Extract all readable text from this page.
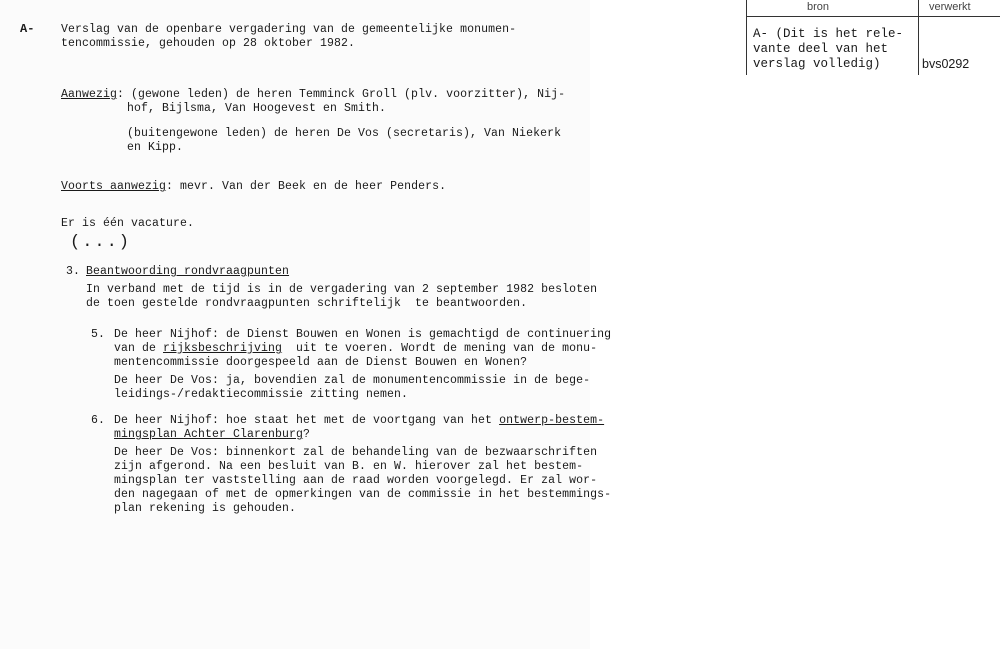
A- Verslag van de openbare vergadering van de gemeentelijke monumen-
tencommissie, gehouden op 28 oktober 1982.
Aanwezig: (gewone leden) de heren Temminck Groll (plv. voorzitter), Nij-
hof, Bijlsma, Van Hoogevest en Smith.
(buitengewone leden) de heren De Vos (secretaris), Van Niekerk
en Kipp.
Voorts aanwezig: mevr. Van der Beek en de heer Penders.
Er is één vacature.
(...)
3. Beantwoording rondvraagpunten
In verband met de tijd is in de vergadering van 2 september 1982 besloten
de toen gestelde rondvraagpunten schriftelijk  te beantwoorden.
5. De heer Nijhof: de Dienst Bouwen en Wonen is gemachtigd de continuering
van de rijksbeschrijving  uit te voeren. Wordt de mening van de monu-
mentencommissie doorgespeeld aan de Dienst Bouwen en Wonen?
De heer De Vos: ja, bovendien zal de monumentencommissie in de bege-
leidings-/redaktiecommissie zitting nemen.
6. De heer Nijhof: hoe staat het met de voortgang van het ontwerp-bestem-
mingsplan Achter Clarenburg?
De heer De Vos: binnenkort zal de behandeling van de bezwaarschriften
zijn afgerond. Na een besluit van B. en W. hierover zal het bestem-
mingsplan ter vaststelling aan de raad worden voorgelegd. Er zal wor-
den nagegaan of met de opmerkingen van de commissie in het bestemmings-
plan rekening is gehouden.
bron	verwerkt
A- (Dit is het rele-
vante deel van het
verslag volledig)	bvs0292
